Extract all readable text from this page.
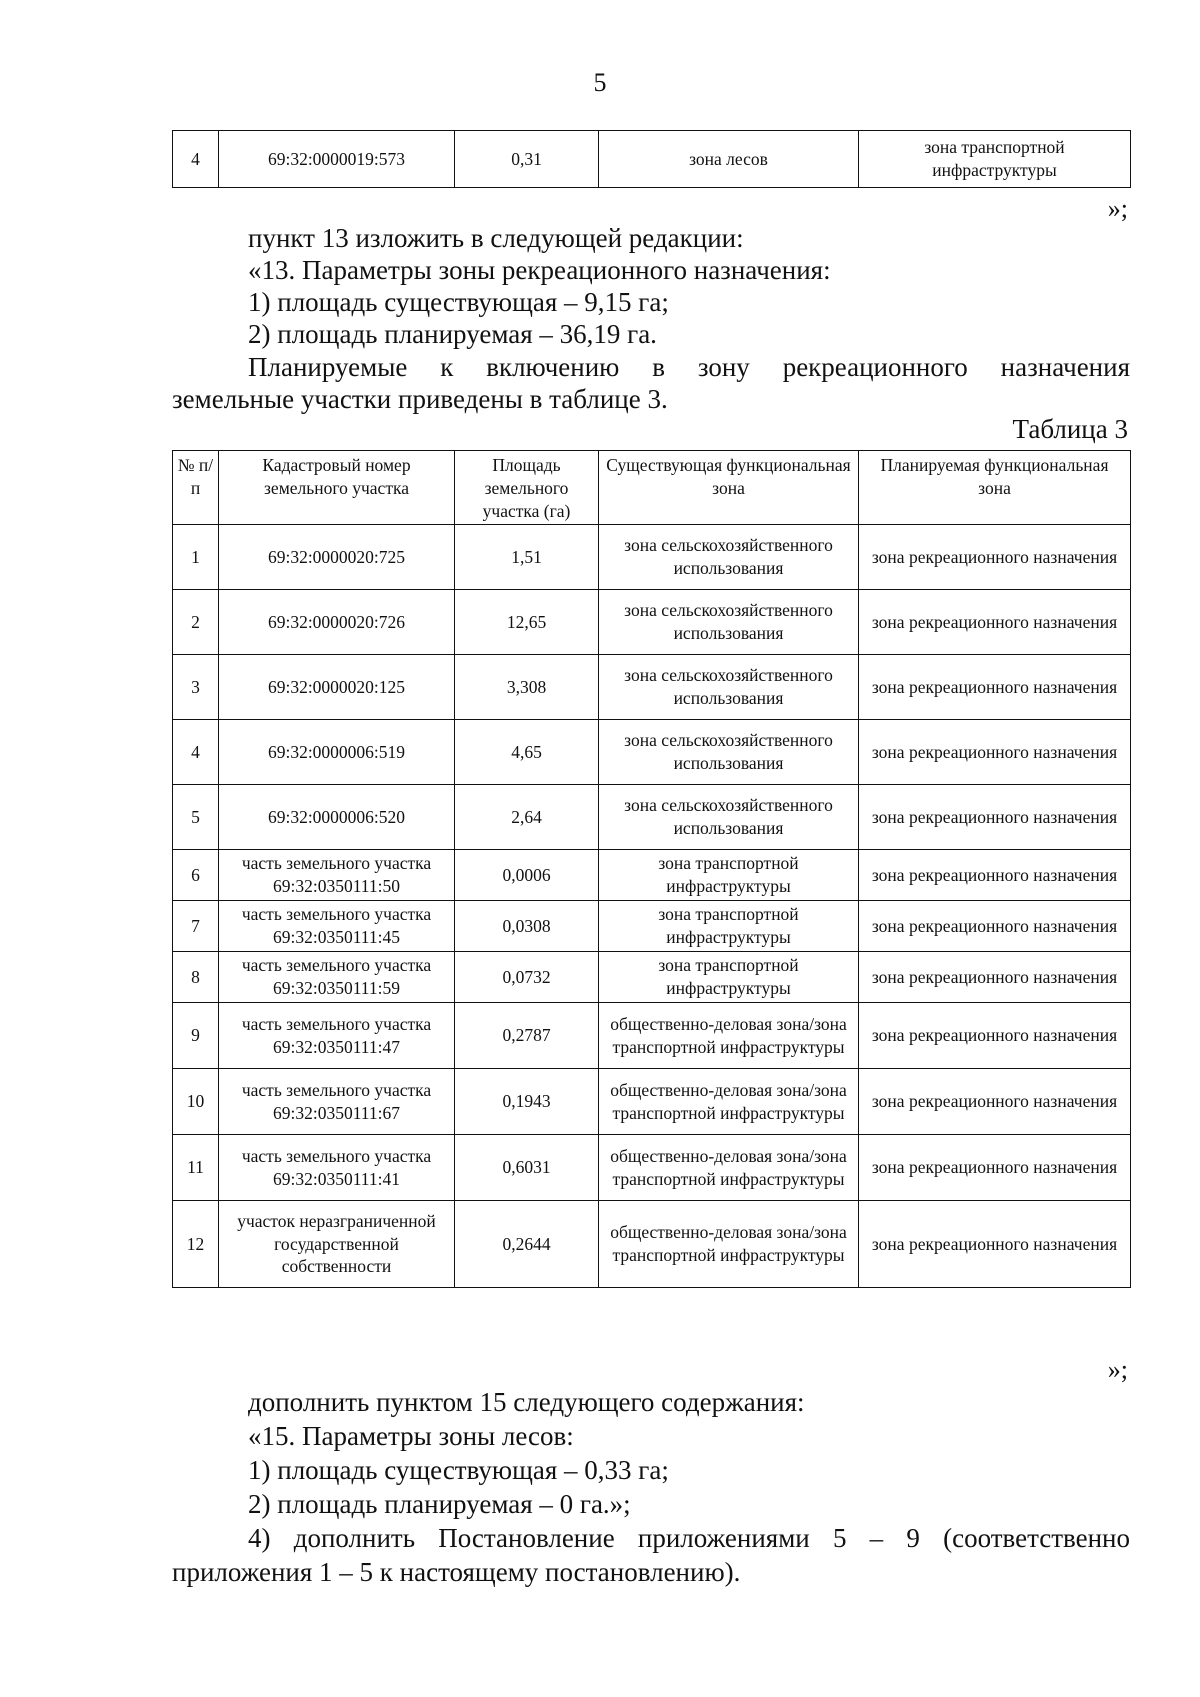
5
4	69:32:0000019:573	0,31	зона лесов	зона транспортной инфраструктуры
»;
пункт 13 изложить в следующей редакции:
«13. Параметры зоны рекреационного назначения:
1) площадь существующая – 9,15 га;
2) площадь планируемая – 36,19 га.
Планируемые к включению в зону рекреационного назначения
земельные участки приведены в таблице 3.
Таблица 3
№ п/п	Кадастровый номер земельного участка	Площадь земельного участка (га)	Существующая функциональная зона	Планируемая функциональная зона
1	69:32:0000020:725	1,51	зона сельскохозяйственного использования	зона рекреационного назначения
2	69:32:0000020:726	12,65	зона сельскохозяйственного использования	зона рекреационного назначения
3	69:32:0000020:125	3,308	зона сельскохозяйственного использования	зона рекреационного назначения
4	69:32:0000006:519	4,65	зона сельскохозяйственного использования	зона рекреационного назначения
5	69:32:0000006:520	2,64	зона сельскохозяйственного использования	зона рекреационного назначения
6	часть земельного участка 69:32:0350111:50	0,0006	зона транспортной инфраструктуры	зона рекреационного назначения
7	часть земельного участка 69:32:0350111:45	0,0308	зона транспортной инфраструктуры	зона рекреационного назначения
8	часть земельного участка 69:32:0350111:59	0,0732	зона транспортной инфраструктуры	зона рекреационного назначения
9	часть земельного участка 69:32:0350111:47	0,2787	общественно-деловая зона/зона транспортной инфраструктуры	зона рекреационного назначения
10	часть земельного участка 69:32:0350111:67	0,1943	общественно-деловая зона/зона транспортной инфраструктуры	зона рекреационного назначения
11	часть земельного участка 69:32:0350111:41	0,6031	общественно-деловая зона/зона транспортной инфраструктуры	зона рекреационного назначения
12	участок неразграниченной государственной собственности	0,2644	общественно-деловая зона/зона транспортной инфраструктуры	зона рекреационного назначения
»;
дополнить пунктом 15 следующего содержания:
«15. Параметры зоны лесов:
1) площадь существующая – 0,33 га;
2) площадь планируемая – 0 га.»;
4) дополнить Постановление приложениями 5 – 9 (соответственно
приложения 1 – 5 к настоящему постановлению).
